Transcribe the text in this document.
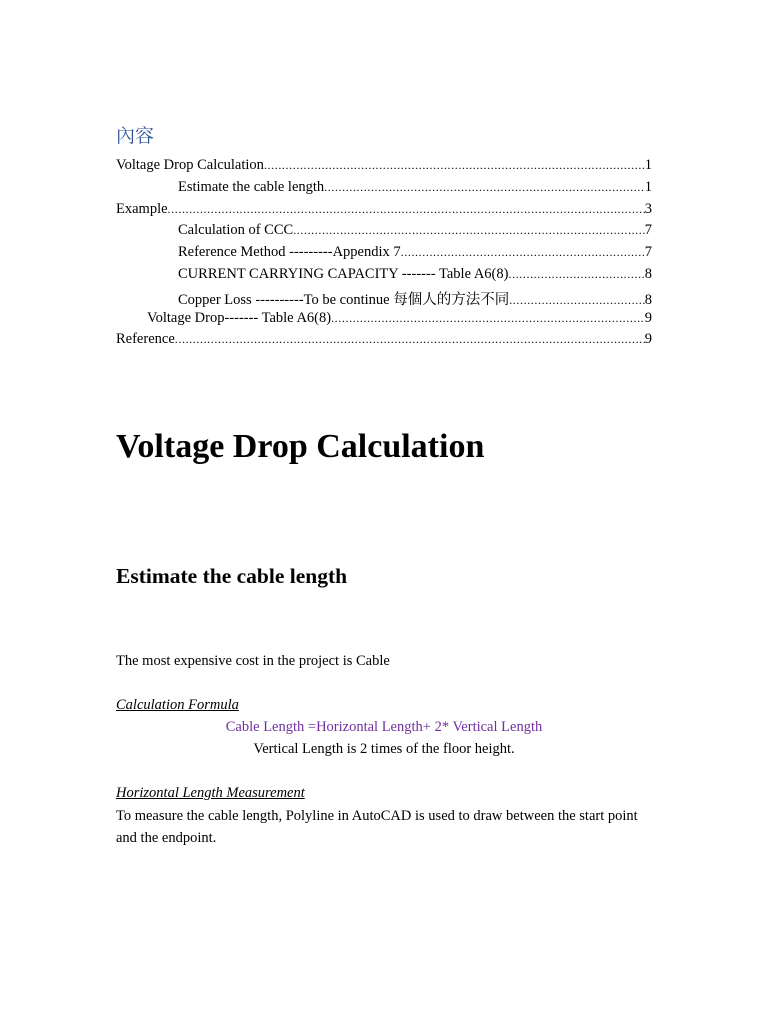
內容
Voltage Drop Calculation .....	1
Estimate the cable length .....	1
Example .....	3
Calculation of CCC .....	7
Reference Method ---------Appendix 7 .....	7
CURRENT CARRYING CAPACITY ------- Table A6(8) .....	8
Copper Loss ----------To be continue 每個人的方法不同 .....	8
Voltage Drop------- Table A6(8) .....	9
Reference .....	9
Voltage Drop Calculation
Estimate the cable length
The most expensive cost in the project is Cable
Calculation Formula
Cable Length =Horizontal Length+ 2* Vertical Length
Vertical Length is 2 times of the floor height.
Horizontal Length Measurement
To measure the cable length, Polyline in AutoCAD is used to draw between the start point and the endpoint.
